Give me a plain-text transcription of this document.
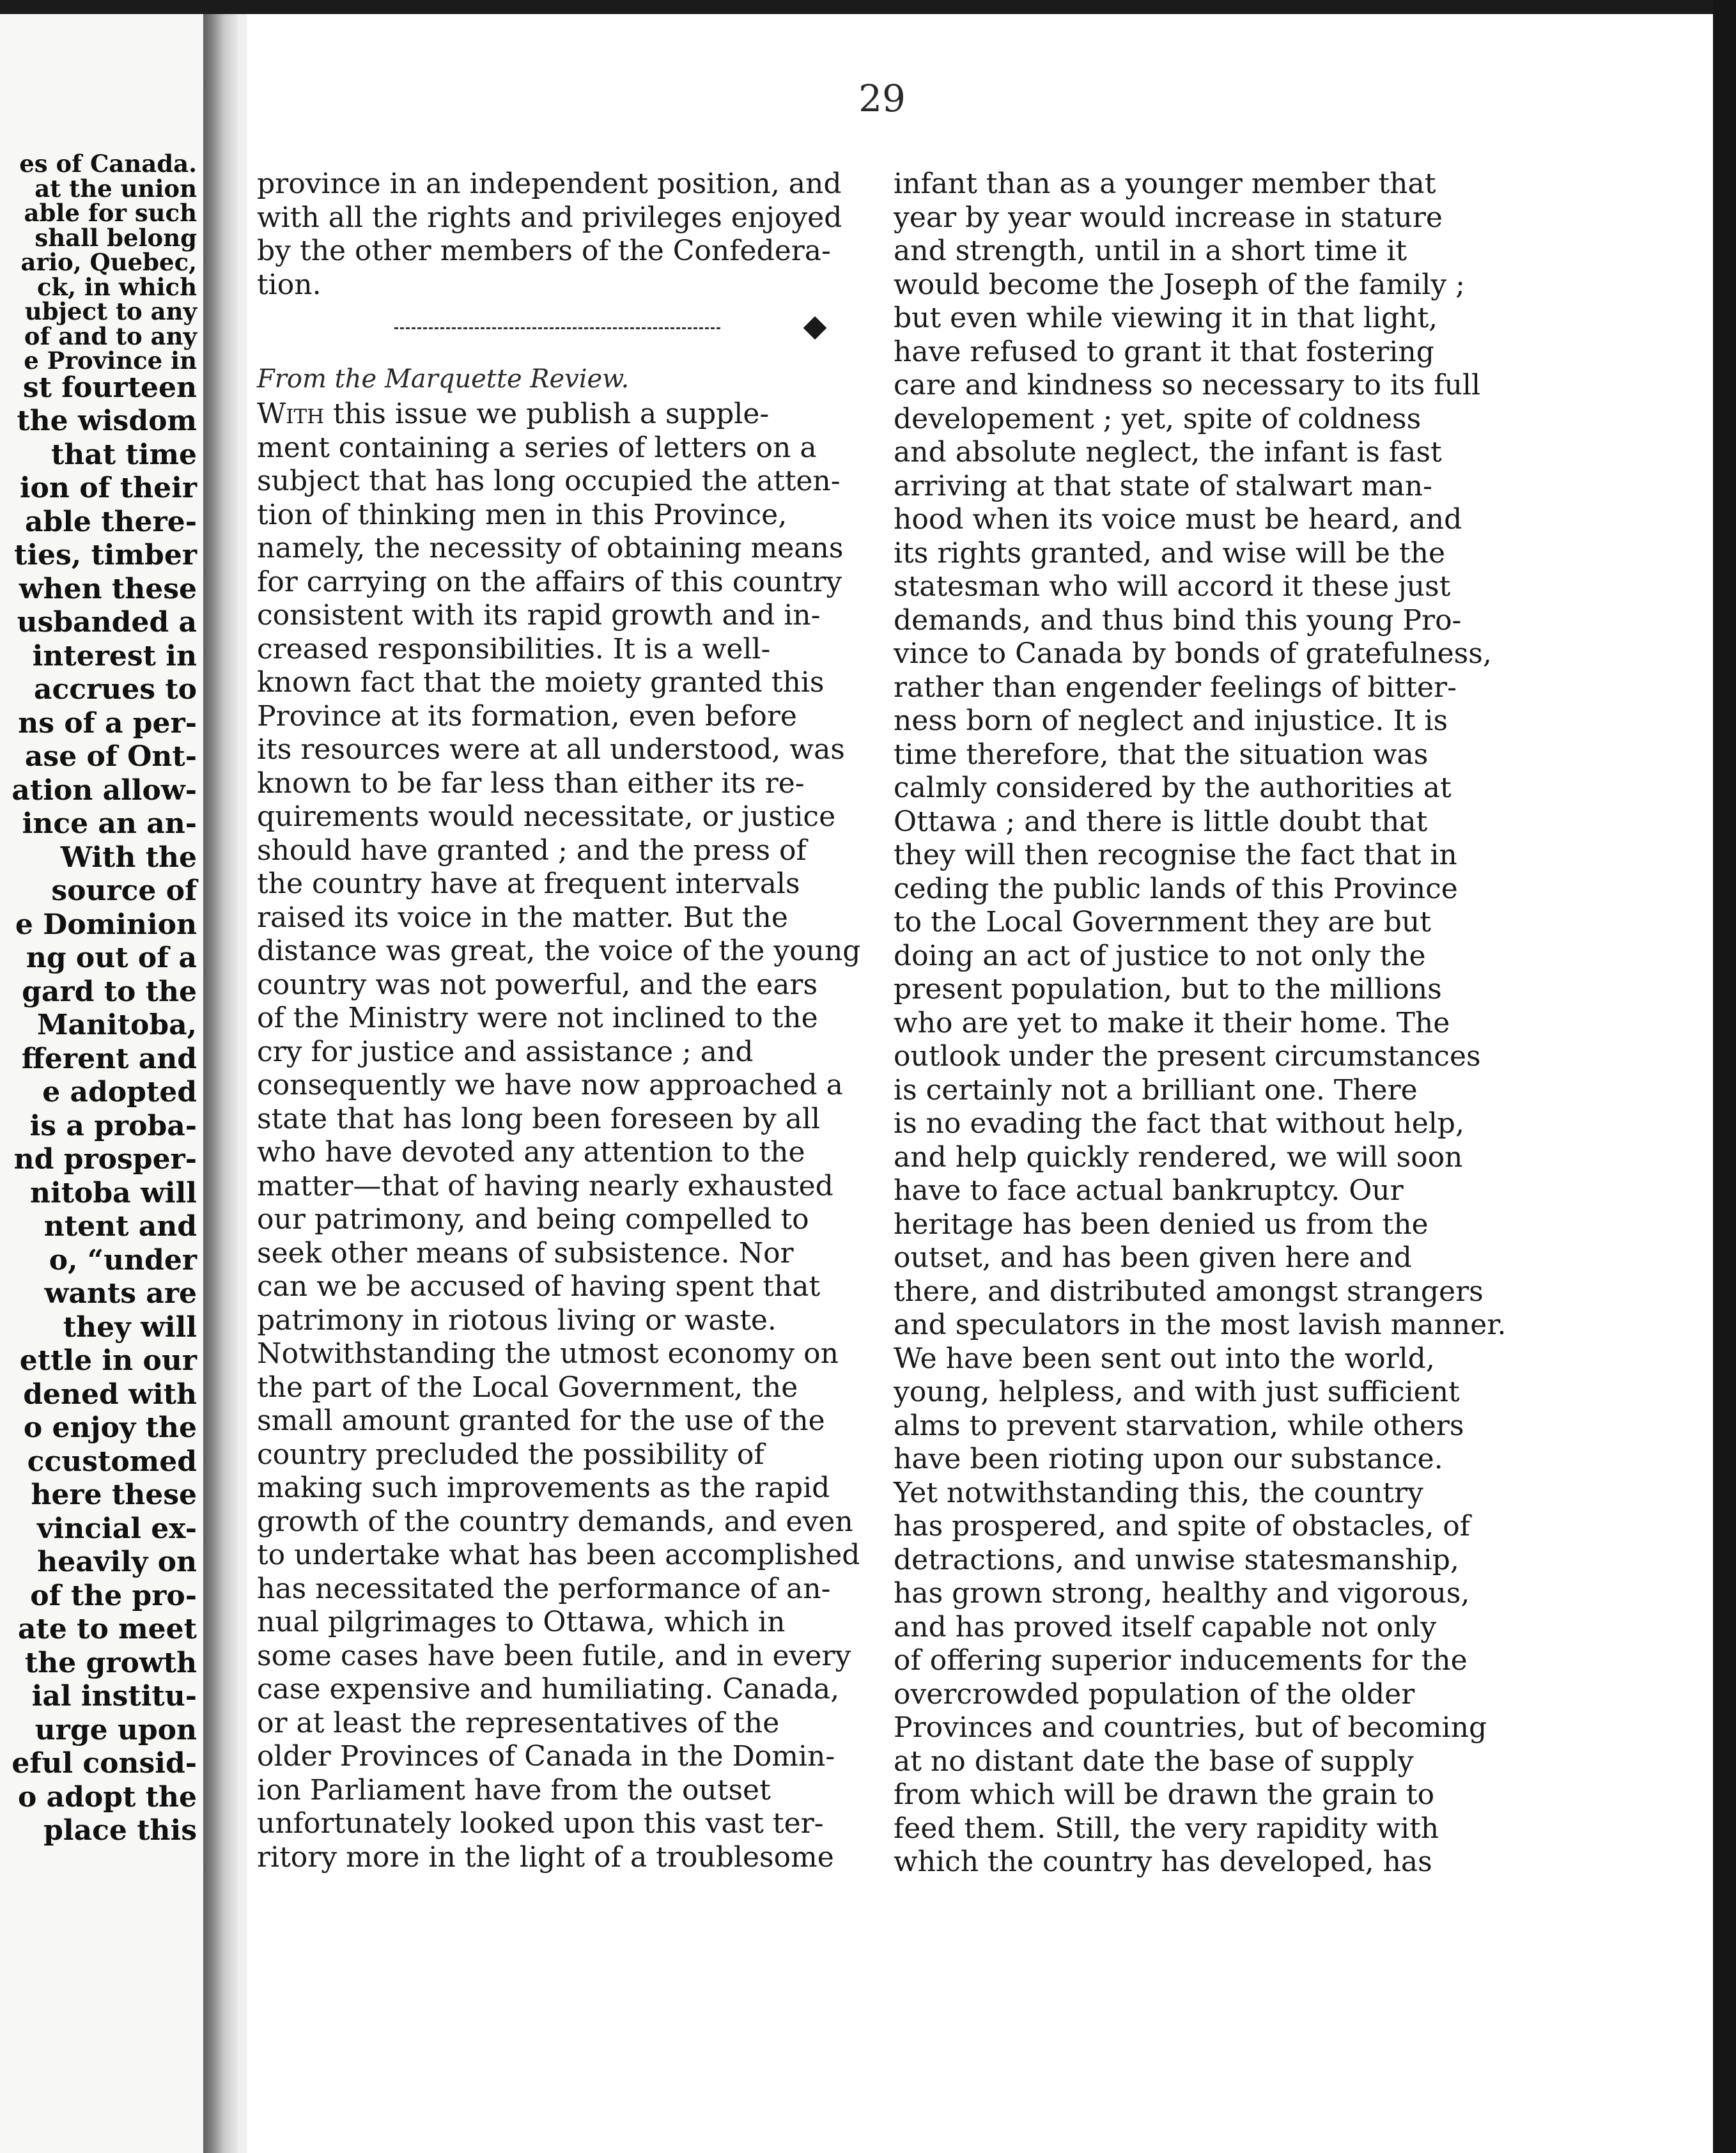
es of Canada.
at the union
able for such
shall belong
ario, Quebec,
ck, in which
ubject to any
of and to any
e Province in
st fourteen
the wisdom
that time
ion of their
able there-
ties, timber
when these
usbanded a
interest in
accrues to
ns of a per-
ase of Ont-
ation allow-
ince an an-
With the
source of
e Dominion
ng out of a
gard to the
Manitoba,
fferent and
e adopted
is a proba-
nd prosper-
nitoba will
ntent and
o, “under
wants are
they will
ettle in our
dened with
o enjoy the
ccustomed
here these
vincial ex-
heavily on
of the pro-
ate to meet
the growth
ial institu-
urge upon
eful consid-
o adopt the
place this
29
province in an independent position, and
with all the rights and privileges enjoyed
by the other members of the Confedera-
tion.
From the Marquette Review.
With this issue we publish a supple-
ment containing a series of letters on a
subject that has long occupied the atten-
tion of thinking men in this Province,
namely, the necessity of obtaining means
for carrying on the affairs of this country
consistent with its rapid growth and in-
creased responsibilities. It is a well-
known fact that the moiety granted this
Province at its formation, even before
its resources were at all understood, was
known to be far less than either its re-
quirements would necessitate, or justice
should have granted ; and the press of
the country have at frequent intervals
raised its voice in the matter. But the
distance was great, the voice of the young
country was not powerful, and the ears
of the Ministry were not inclined to the
cry for justice and assistance ; and
consequently we have now approached a
state that has long been foreseen by all
who have devoted any attention to the
matter—that of having nearly exhausted
our patrimony, and being compelled to
seek other means of subsistence. Nor
can we be accused of having spent that
patrimony in riotous living or waste.
Notwithstanding the utmost economy on
the part of the Local Government, the
small amount granted for the use of the
country precluded the possibility of
making such improvements as the rapid
growth of the country demands, and even
to undertake what has been accomplished
has necessitated the performance of an-
nual pilgrimages to Ottawa, which in
some cases have been futile, and in every
case expensive and humiliating. Canada,
or at least the representatives of the
older Provinces of Canada in the Domin-
ion Parliament have from the outset
unfortunately looked upon this vast ter-
ritory more in the light of a troublesome
infant than as a younger member that
year by year would increase in stature
and strength, until in a short time it
would become the Joseph of the family ;
but even while viewing it in that light,
have refused to grant it that fostering
care and kindness so necessary to its full
developement ; yet, spite of coldness
and absolute neglect, the infant is fast
arriving at that state of stalwart man-
hood when its voice must be heard, and
its rights granted, and wise will be the
statesman who will accord it these just
demands, and thus bind this young Pro-
vince to Canada by bonds of gratefulness,
rather than engender feelings of bitter-
ness born of neglect and injustice. It is
time therefore, that the situation was
calmly considered by the authorities at
Ottawa ; and there is little doubt that
they will then recognise the fact that in
ceding the public lands of this Province
to the Local Government they are but
doing an act of justice to not only the
present population, but to the millions
who are yet to make it their home. The
outlook under the present circumstances
is certainly not a brilliant one. There
is no evading the fact that without help,
and help quickly rendered, we will soon
have to face actual bankruptcy. Our
heritage has been denied us from the
outset, and has been given here and
there, and distributed amongst strangers
and speculators in the most lavish manner.
We have been sent out into the world,
young, helpless, and with just sufficient
alms to prevent starvation, while others
have been rioting upon our substance.
Yet notwithstanding this, the country
has prospered, and spite of obstacles, of
detractions, and unwise statesmanship,
has grown strong, healthy and vigorous,
and has proved itself capable not only
of offering superior inducements for the
overcrowded population of the older
Provinces and countries, but of becoming
at no distant date the base of supply
from which will be drawn the grain to
feed them. Still, the very rapidity with
which the country has developed, has
